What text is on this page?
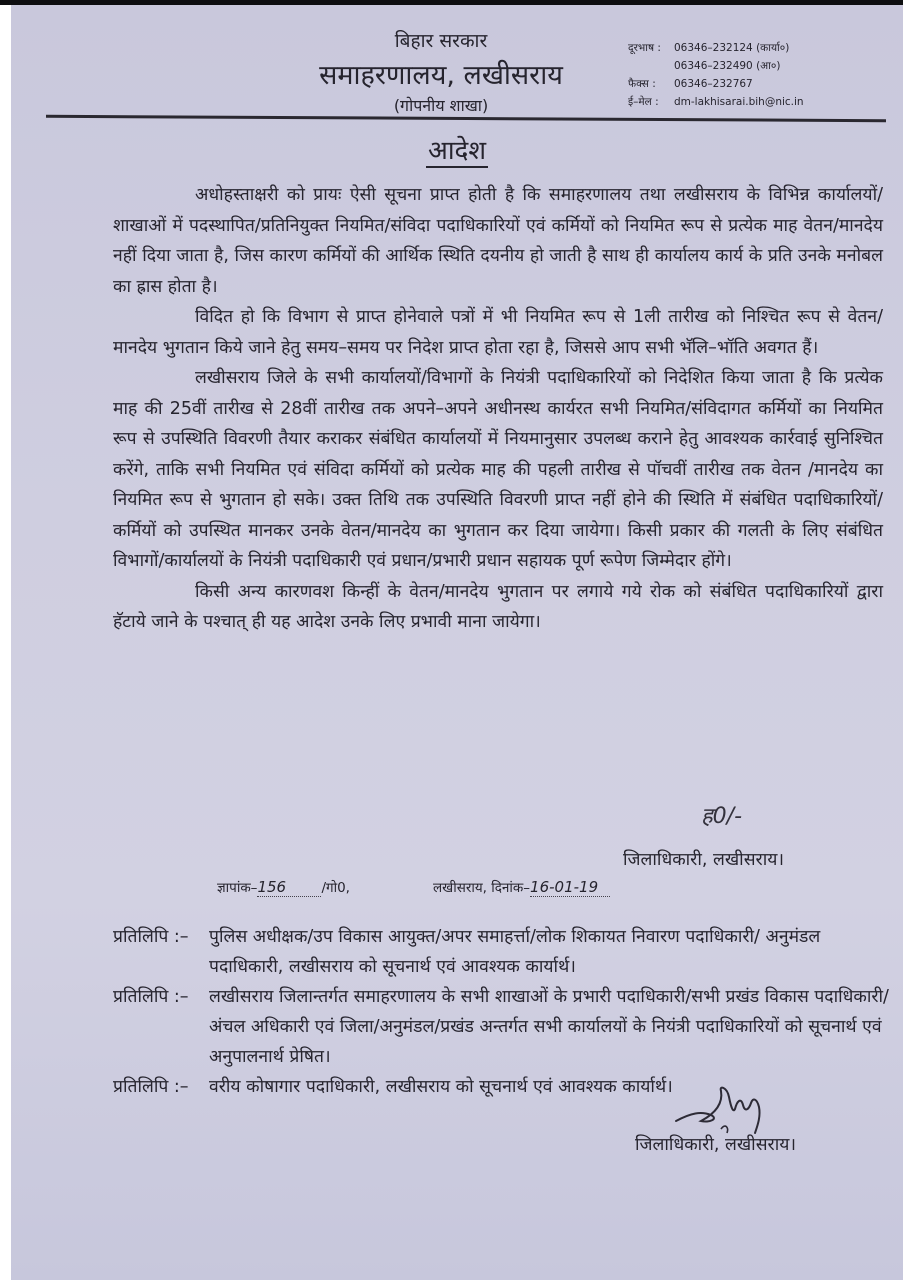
बिहार सरकार
समाहरणालय, लखीसराय
(गोपनीय शाखा)
दूरभाष : 06346–232124 (कार्या०)
06346–232490 (आ०)
फैक्स : 06346–232767
ई–मेल : dm-lakhisarai.bih@nic.in
आदेश

अधोहस्ताक्षरी को प्रायः ऐसी सूचना प्राप्त होती है कि समाहरणालय तथा लखीसराय के विभिन्न कार्यालयों/शाखाओं में पदस्थापित/प्रतिनियुक्त नियमित/संविदा पदाधिकारियों एवं कर्मियों को नियमित रूप से प्रत्येक माह वेतन/मानदेय नहीं दिया जाता है, जिस कारण कर्मियों की आर्थिक स्थिति दयनीय हो जाती है साथ ही कार्यालय कार्य के प्रति उनके मनोबल का ह्रास होता है।

विदित हो कि विभाग से प्राप्त होनेवाले पत्रों में भी नियमित रूप से 1ली तारीख को निश्चित रूप से वेतन/मानदेय भुगतान किये जाने हेतु समय–समय पर निदेश प्राप्त होता रहा है, जिससे आप सभी भॅलि–भॉति अवगत हैं।

लखीसराय जिले के सभी कार्यालयों/विभागों के नियंत्री पदाधिकारियों को निदेशित किया जाता है कि प्रत्येक माह की 25वीं तारीख से 28वीं तारीख तक अपने–अपने अधीनस्थ कार्यरत सभी नियमित/संविदागत कर्मियों का नियमित रूप से उपस्थिति विवरणी तैयार कराकर संबंधित कार्यालयों में नियमानुसार उपलब्ध कराने हेतु आवश्यक कार्रवाई सुनिश्चित करेंगे, ताकि सभी नियमित एवं संविदा कर्मियों को प्रत्येक माह की पहली तारीख से पॉचवीं तारीख तक वेतन /मानदेय का नियमित रूप से भुगतान हो सके। उक्त तिथि तक उपस्थिति विवरणी प्राप्त नहीं होने की स्थिति में संबंधित पदाधिकारियों/कर्मियों को उपस्थित मानकर उनके वेतन/मानदेय का भुगतान कर दिया जायेगा। किसी प्रकार की गलती के लिए संबंधित विभागों/कार्यालयों के नियंत्री पदाधिकारी एवं प्रधान/प्रभारी प्रधान सहायक पूर्ण रूपेण जिम्मेदार होंगे।

किसी अन्य कारणवश किन्हीं के वेतन/मानदेय भुगतान पर लगाये गये रोक को संबंधित पदाधिकारियों द्वारा हॅटाये जाने के पश्चात् ही यह आदेश उनके लिए प्रभावी माना जायेगा।

ह0/-
जिलाधिकारी, लखीसराय।
ज्ञापांक–156	/गो0,	लखीसराय, दिनांक–16-01-19
प्रतिलिपि :–	पुलिस अधीक्षक/उप विकास आयुक्त/अपर समाहर्त्ता/लोक शिकायत निवारण पदाधिकारी/ अनुमंडल पदाधिकारी, लखीसराय को सूचनार्थ एवं आवश्यक कार्यार्थ।
प्रतिलिपि :–	लखीसराय जिलान्तर्गत समाहरणालय के सभी शाखाओं के प्रभारी पदाधिकारी/सभी प्रखंड विकास पदाधिकारी/अंचल अधिकारी एवं जिला/अनुमंडल/प्रखंड अन्तर्गत सभी कार्यालयों के नियंत्री पदाधिकारियों को सूचनार्थ एवं अनुपालनार्थ प्रेषित।
प्रतिलिपि :–	वरीय कोषागार पदाधिकारी, लखीसराय को सूचनार्थ एवं आवश्यक कार्यार्थ।
जिलाधिकारी, लखीसराय।
